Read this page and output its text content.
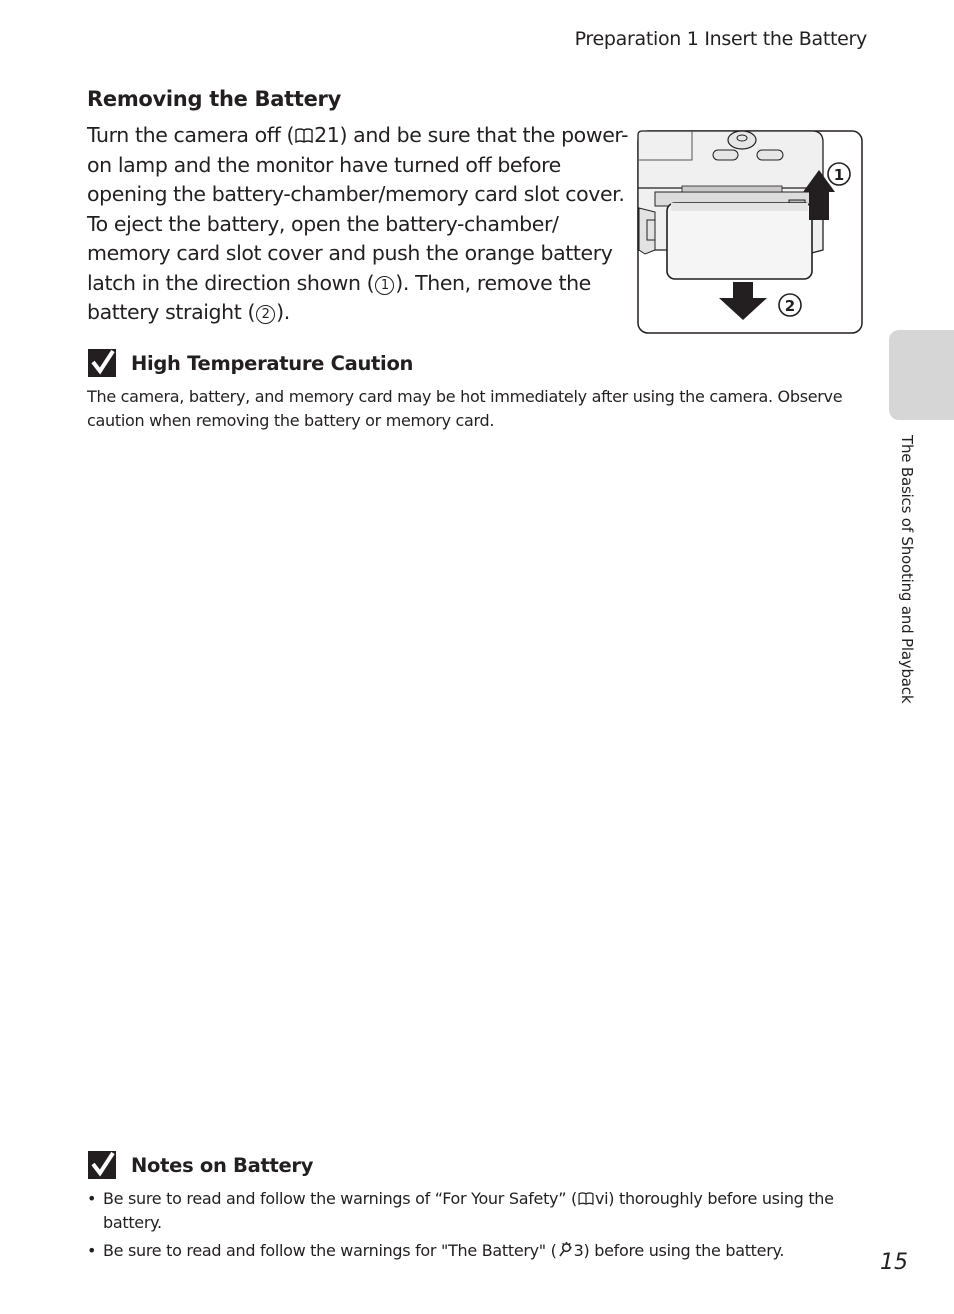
Preparation 1 Insert the Battery
Removing the Battery

Turn the camera off ( 21) and be sure that the power-on lamp and the monitor have turned off before opening the battery-chamber/memory card slot cover. To eject the battery, open the battery-chamber/ memory card slot cover and push the orange battery latch in the direction shown ( 1 ). Then, remove the battery straight ( 2 ).

1
2
High Temperature Caution

The camera, battery, and memory card may be hot immediately after using the camera. Observe caution when removing the battery or memory card.

Notes on Battery
• Be sure to read and follow the warnings of “For Your Safety” ( vi) thoroughly before using the battery.
• Be sure to read and follow the warnings for "The Battery" ( 3) before using the battery.
The Basics of Shooting and Playback
15
